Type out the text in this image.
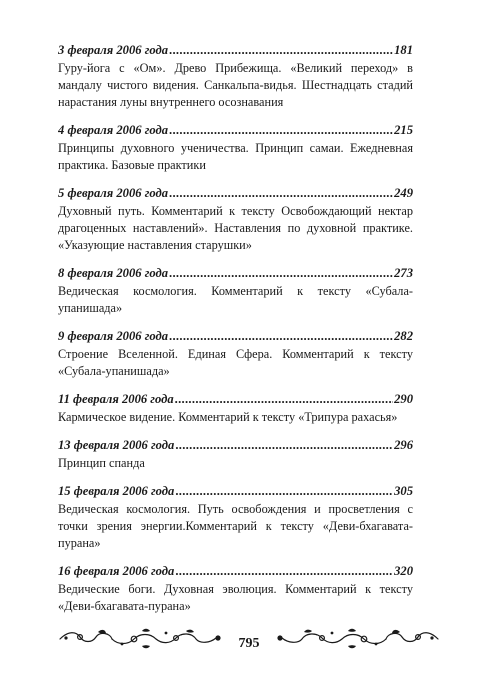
3 февраля 2006 года .....	181
Гуру-йога с «Ом». Древо Прибежища. «Великий переход» в мандалу чистого видения. Санкальпа-видья. Шестнадцать стадий нарастания луны внутреннего осознавания
4 февраля 2006 года .....	215
Принципы духовного ученичества. Принцип самаи. Ежедневная практика. Базовые практики
5 февраля 2006 года .....	249
Духовный путь. Комментарий к тексту Освобождающий нектар драгоценных наставлений». Наставления по духовной практике. «Указующие наставления старушки»
8 февраля 2006 года .....	273
Ведическая космология. Комментарий к тексту «Субала-упанишада»
9 февраля 2006 года .....	282
Строение Вселенной. Единая Сфера. Комментарий к тексту «Субала-упанишада»
11 февраля 2006 года .....	290
Кармическое видение. Комментарий к тексту «Трипура рахасья»
13 февраля 2006 года .....	296
Принцип спанда
15 февраля 2006 года .....	305
Ведическая космология. Путь освобождения и просветления с точки зрения энергии.Комментарий к тексту «Деви-бхагавата-пурана»
16 февраля 2006 года .....	320
Ведические боги. Духовная эволюция. Комментарий к тексту «Деви-бхагавата-пурана»
795
